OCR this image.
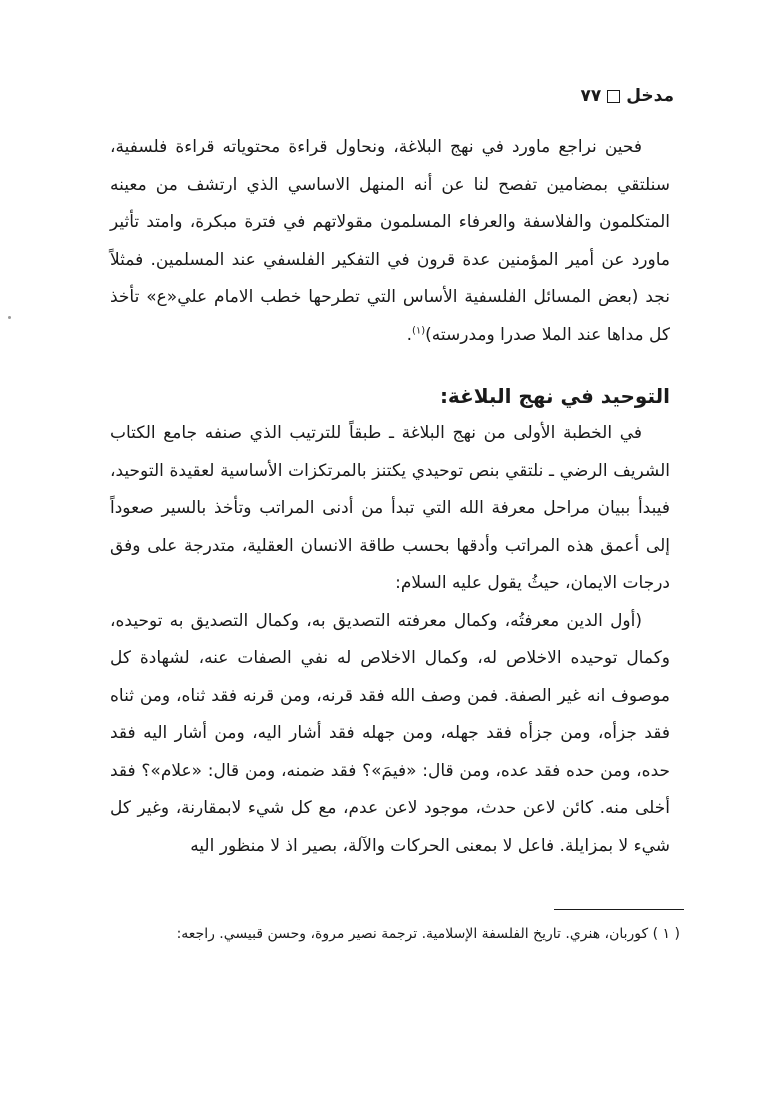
مدخل٧٧

فحين نراجع ماورد في نهج البلاغة، ونحاول قراءة محتوياته قراءة فلسفية، سنلتقي بمضامين تفصح لنا عن أنه المنهل الاساسي الذي ارتشف من معينه المتكلمون والفلاسفة والعرفاء المسلمون مقولاتهم في فترة مبكرة، وامتد تأثير ماورد عن أمير المؤمنين عدة قرون في التفكير الفلسفي عند المسلمين. فمثلاً نجد (بعض المسائل الفلسفية الأساس التي تطرحها خطب الامام علي«ع» تأخذ كل مداها عند الملا صدرا ومدرسته)$^{(١)}$.

التوحيد في نهج البلاغة:

في الخطبة الأولى من نهج البلاغة ـ طبقاً للترتيب الذي صنفه جامع الكتاب الشريف الرضي ـ نلتقي بنص توحيدي يكتنز بالمرتكزات الأساسية لعقيدة التوحيد، فيبدأ ببيان مراحل معرفة الله التي تبدأ من أدنى المراتب وتأخذ بالسير صعوداً إلى أعمق هذه المراتب وأدقها بحسب طاقة الانسان العقلية، متدرجة على وفق درجات الايمان، حيثُ يقول عليه السلام:

(أول الدين معرفتُه، وكمال معرفته التصديق به، وكمال التصديق به توحيده، وكمال توحيده الاخلاص له، وكمال الاخلاص له نفي الصفات عنه، لشهادة كل موصوف انه غير الصفة. فمن وصف الله فقد قرنه، ومن قرنه فقد ثناه، ومن ثناه فقد جزأه، ومن جزأه فقد جهله، ومن جهله فقد أشار اليه، ومن أشار اليه فقد حده، ومن حده فقد عده، ومن قال: «فيمَ»؟ فقد ضمنه، ومن قال: «علام»؟ فقد أخلى منه. كائن لاعن حدث، موجود لاعن عدم، مع كل شيء لابمقارنة، وغير كل شيء لا بمزايلة. فاعل لا بمعنى الحركات والآلة، بصير اذ لا منظور اليه

( ١ ) كوربان، هنري. تاريخ الفلسفة الإسلامية. ترجمة نصير مروة، وحسن قبيسي. راجعه:
